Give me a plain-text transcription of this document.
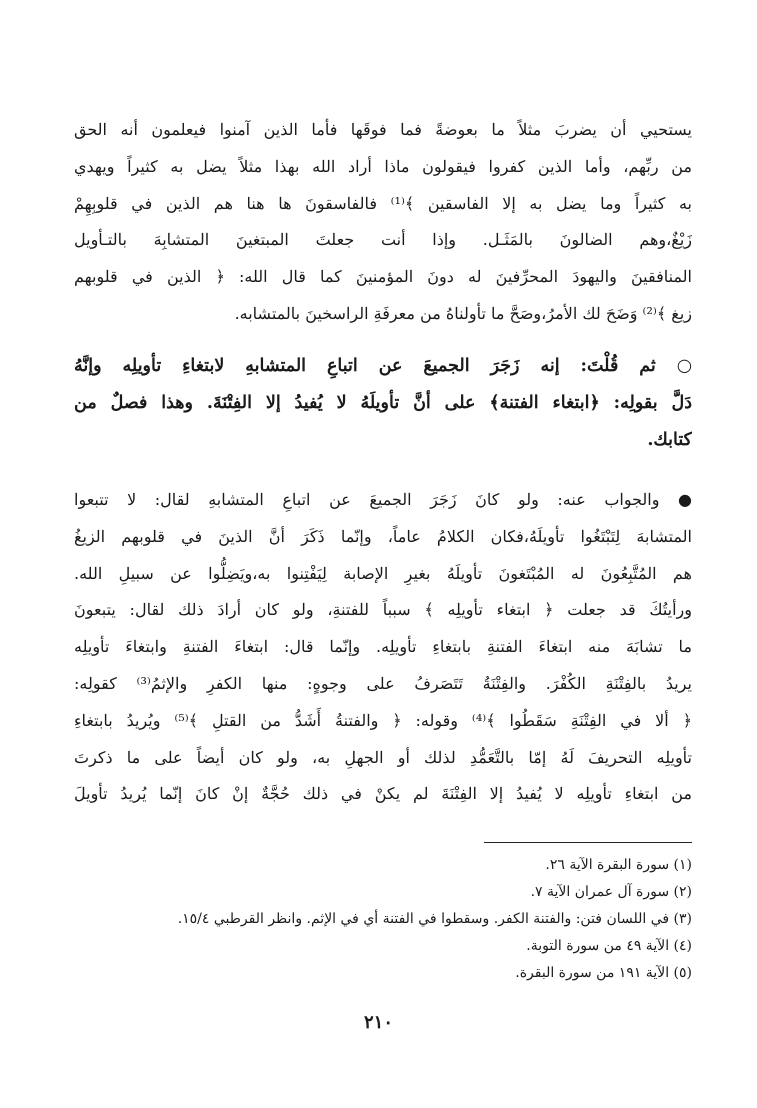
يستحيي أن يضربَ مثلاً ما بعوضةً فما فوقَها فأما الذين آمنوا فيعلمون أنه الحق
من ربِّهم، وأما الذين كفروا فيقولون ماذا أراد الله بهذا مثلاً يضل به كثيراً ويهدي
به كثيراً وما يضل به إلا الفاسقين ﴾⁽¹⁾ فالفاسقونَ ها هنا هم الذين في قلوبِهِمْ
زَيْغٌ،وهم الضالونَ بالمَثَـل. وإذا أنت جعلتَ المبتغينَ المتشابِهَ بالتـأويل
المنافقينَ واليهودَ المحرِّفينَ له دونَ المؤمنينَ كما قال الله: ﴿ الذين في قلوبهم
زيغ ﴾⁽²⁾ وَضَحَ لك الأمرُ،وصَحَّ ما تأولناهُ من معرفَةِ الراسخينَ بالمتشابه.
○ ثم قُلْتَ: إنه زَجَرَ الجميعَ عن اتباعِ المتشابهِ لابتغاءِ تأويلِه وإنَّهُ
دَلَّ بقولِه: ﴿ابتغاء الفتنة﴾ على أنَّ تأويلَهُ لا يُفيدُ إلا الفِتْنَةَ. وهذا فصلٌ من
كتابك.
● والجواب عنه: ولو كانَ زَجَرَ الجميعَ عن اتباعِ المتشابهِ لقال: لا تتبعوا
المتشابهَ لِتَبْتَغُوا تأويلَهُ،فكان الكلامُ عاماً، وإنّما ذَكَرَ أنَّ الذينَ في قلوبهم الزيغُ
هم المُتَّبِعُونَ له المُبْتَغونَ تأويلَهُ بغيرِ الإصابة لِيَفْتِنوا به،ويَضِلُّوا عن سبيلِ الله.
ورأيتُكَ قد جعلت ﴿ ابتغاء تأويلِه ﴾ سبباً للفتنةِ، ولو كان أرادَ ذلك لقال: يتبعونَ
ما تشابَهَ منه ابتغاءَ الفتنةِ بابتغاءِ تأويلِه. وإنّما قال: ابتغاءَ الفتنةِ وابتغاءَ تأويلِه
يريدُ بالفِتْنَةِ الكُفْرَ. والفِتْنَةُ تَتَصَرفُ على وجوهٍ: منها الكفرِ والإثمُ⁽³⁾ كقولِه:
﴿ ألا في الفِتْنَةِ سَقَطُوا ﴾⁽⁴⁾ وقوله: ﴿ والفتنةُ أَشَدُّ من القتلِ ﴾⁽⁵⁾ ويُريدُ بابتغاءِ
تأويلِه التحريفَ لَهُ إمّا بالتَّعَمُّدِ لذلك أو الجهلِ به، ولو كان أيضاً على ما ذكرتَ
من ابتغاءِ تأويلِه لا يُفيدُ إلا الفِتْنَةَ لم يكنْ في ذلك حُجَّةٌ إنْ كانَ إنّما يُريدُ تأويلَ
(١) سورة البقرة الآية ٢٦.
(٢) سورة آل عمران الآية ٧.
(٣) في اللسان فتن: والفتنة الكفر. وسقطوا في الفتنة أي في الإثم. وانظر القرطبي ١٥/٤.
(٤) الآية ٤٩ من سورة التوبة.
(٥) الآية ١٩١ من سورة البقرة.
٢١٠
